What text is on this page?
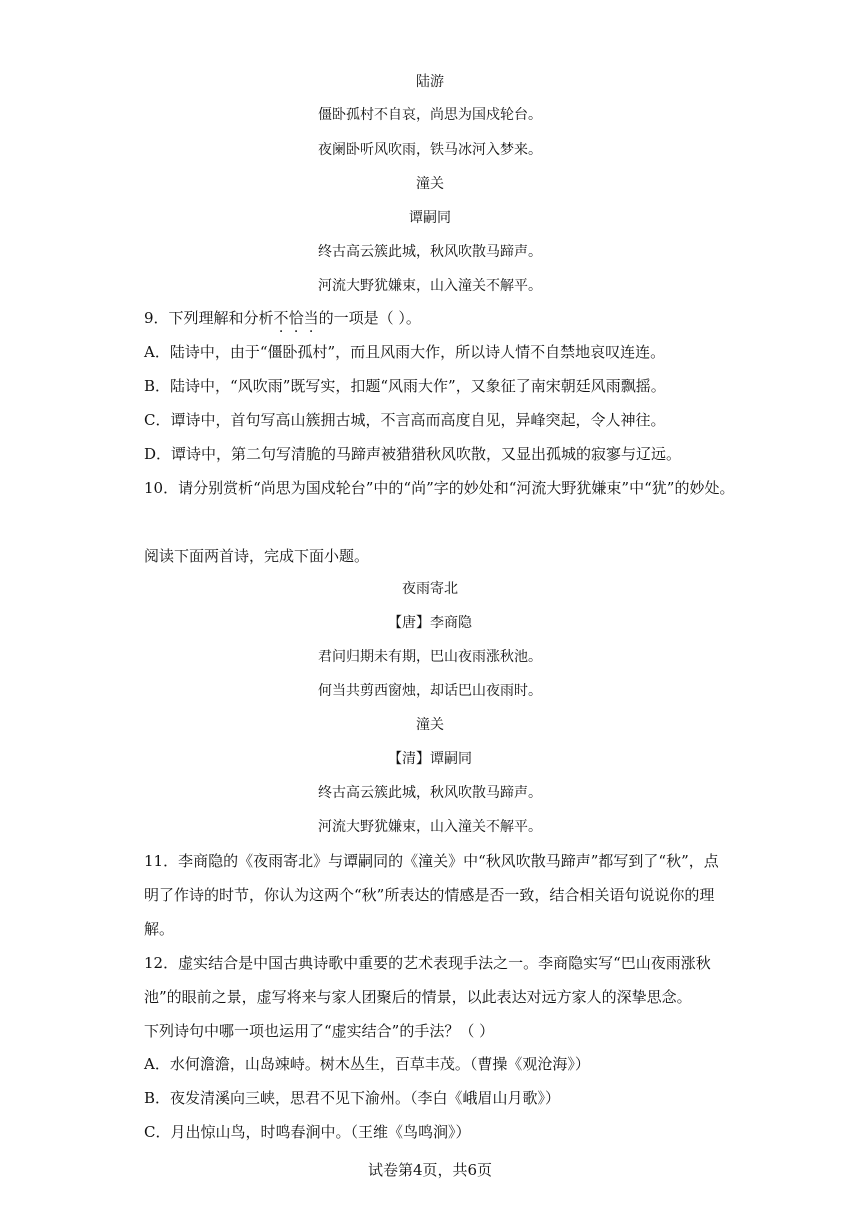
陆游
僵卧孤村不自哀，尚思为国戍轮台。
夜阑卧听风吹雨，铁马冰河入梦来。
潼关
谭嗣同
终古高云簇此城，秋风吹散马蹄声。
河流大野犹嫌束，山入潼关不解平。
9．下列理解和分析不恰当的一项是（ ）。
A．陆诗中，由于“僵卧孤村”，而且风雨大作，所以诗人情不自禁地哀叹连连。
B．陆诗中，“风吹雨”既写实，扣题“风雨大作”，又象征了南宋朝廷风雨飘摇。
C．谭诗中，首句写高山簇拥古城，不言高而高度自见，异峰突起，令人神往。
D．谭诗中，第二句写清脆的马蹄声被猎猎秋风吹散，又显出孤城的寂寥与辽远。
10．请分别赏析“尚思为国戍轮台”中的“尚”字的妙处和“河流大野犹嫌束”中“犹”的妙处。
阅读下面两首诗，完成下面小题。
夜雨寄北
【唐】李商隐
君问归期未有期，巴山夜雨涨秋池。
何当共剪西窗烛，却话巴山夜雨时。
潼关
【清】谭嗣同
终古高云簇此城，秋风吹散马蹄声。
河流大野犹嫌束，山入潼关不解平。
11．李商隐的《夜雨寄北》与谭嗣同的《潼关》中“秋风吹散马蹄声”都写到了“秋”，点
明了作诗的时节，你认为这两个“秋”所表达的情感是否一致，结合相关语句说说你的理
解。
12．虚实结合是中国古典诗歌中重要的艺术表现手法之一。李商隐实写“巴山夜雨涨秋
池”的眼前之景，虚写将来与家人团聚后的情景，以此表达对远方家人的深挚思念。
下列诗句中哪一项也运用了“虚实结合”的手法？（ ）
A．水何澹澹，山岛竦峙。树木丛生，百草丰茂。（曹操《观沧海》）
B．夜发清溪向三峡，思君不见下渝州。（李白《峨眉山月歌》）
C．月出惊山鸟，时鸣春涧中。（王维《鸟鸣涧》）
试卷第4页，共6页
